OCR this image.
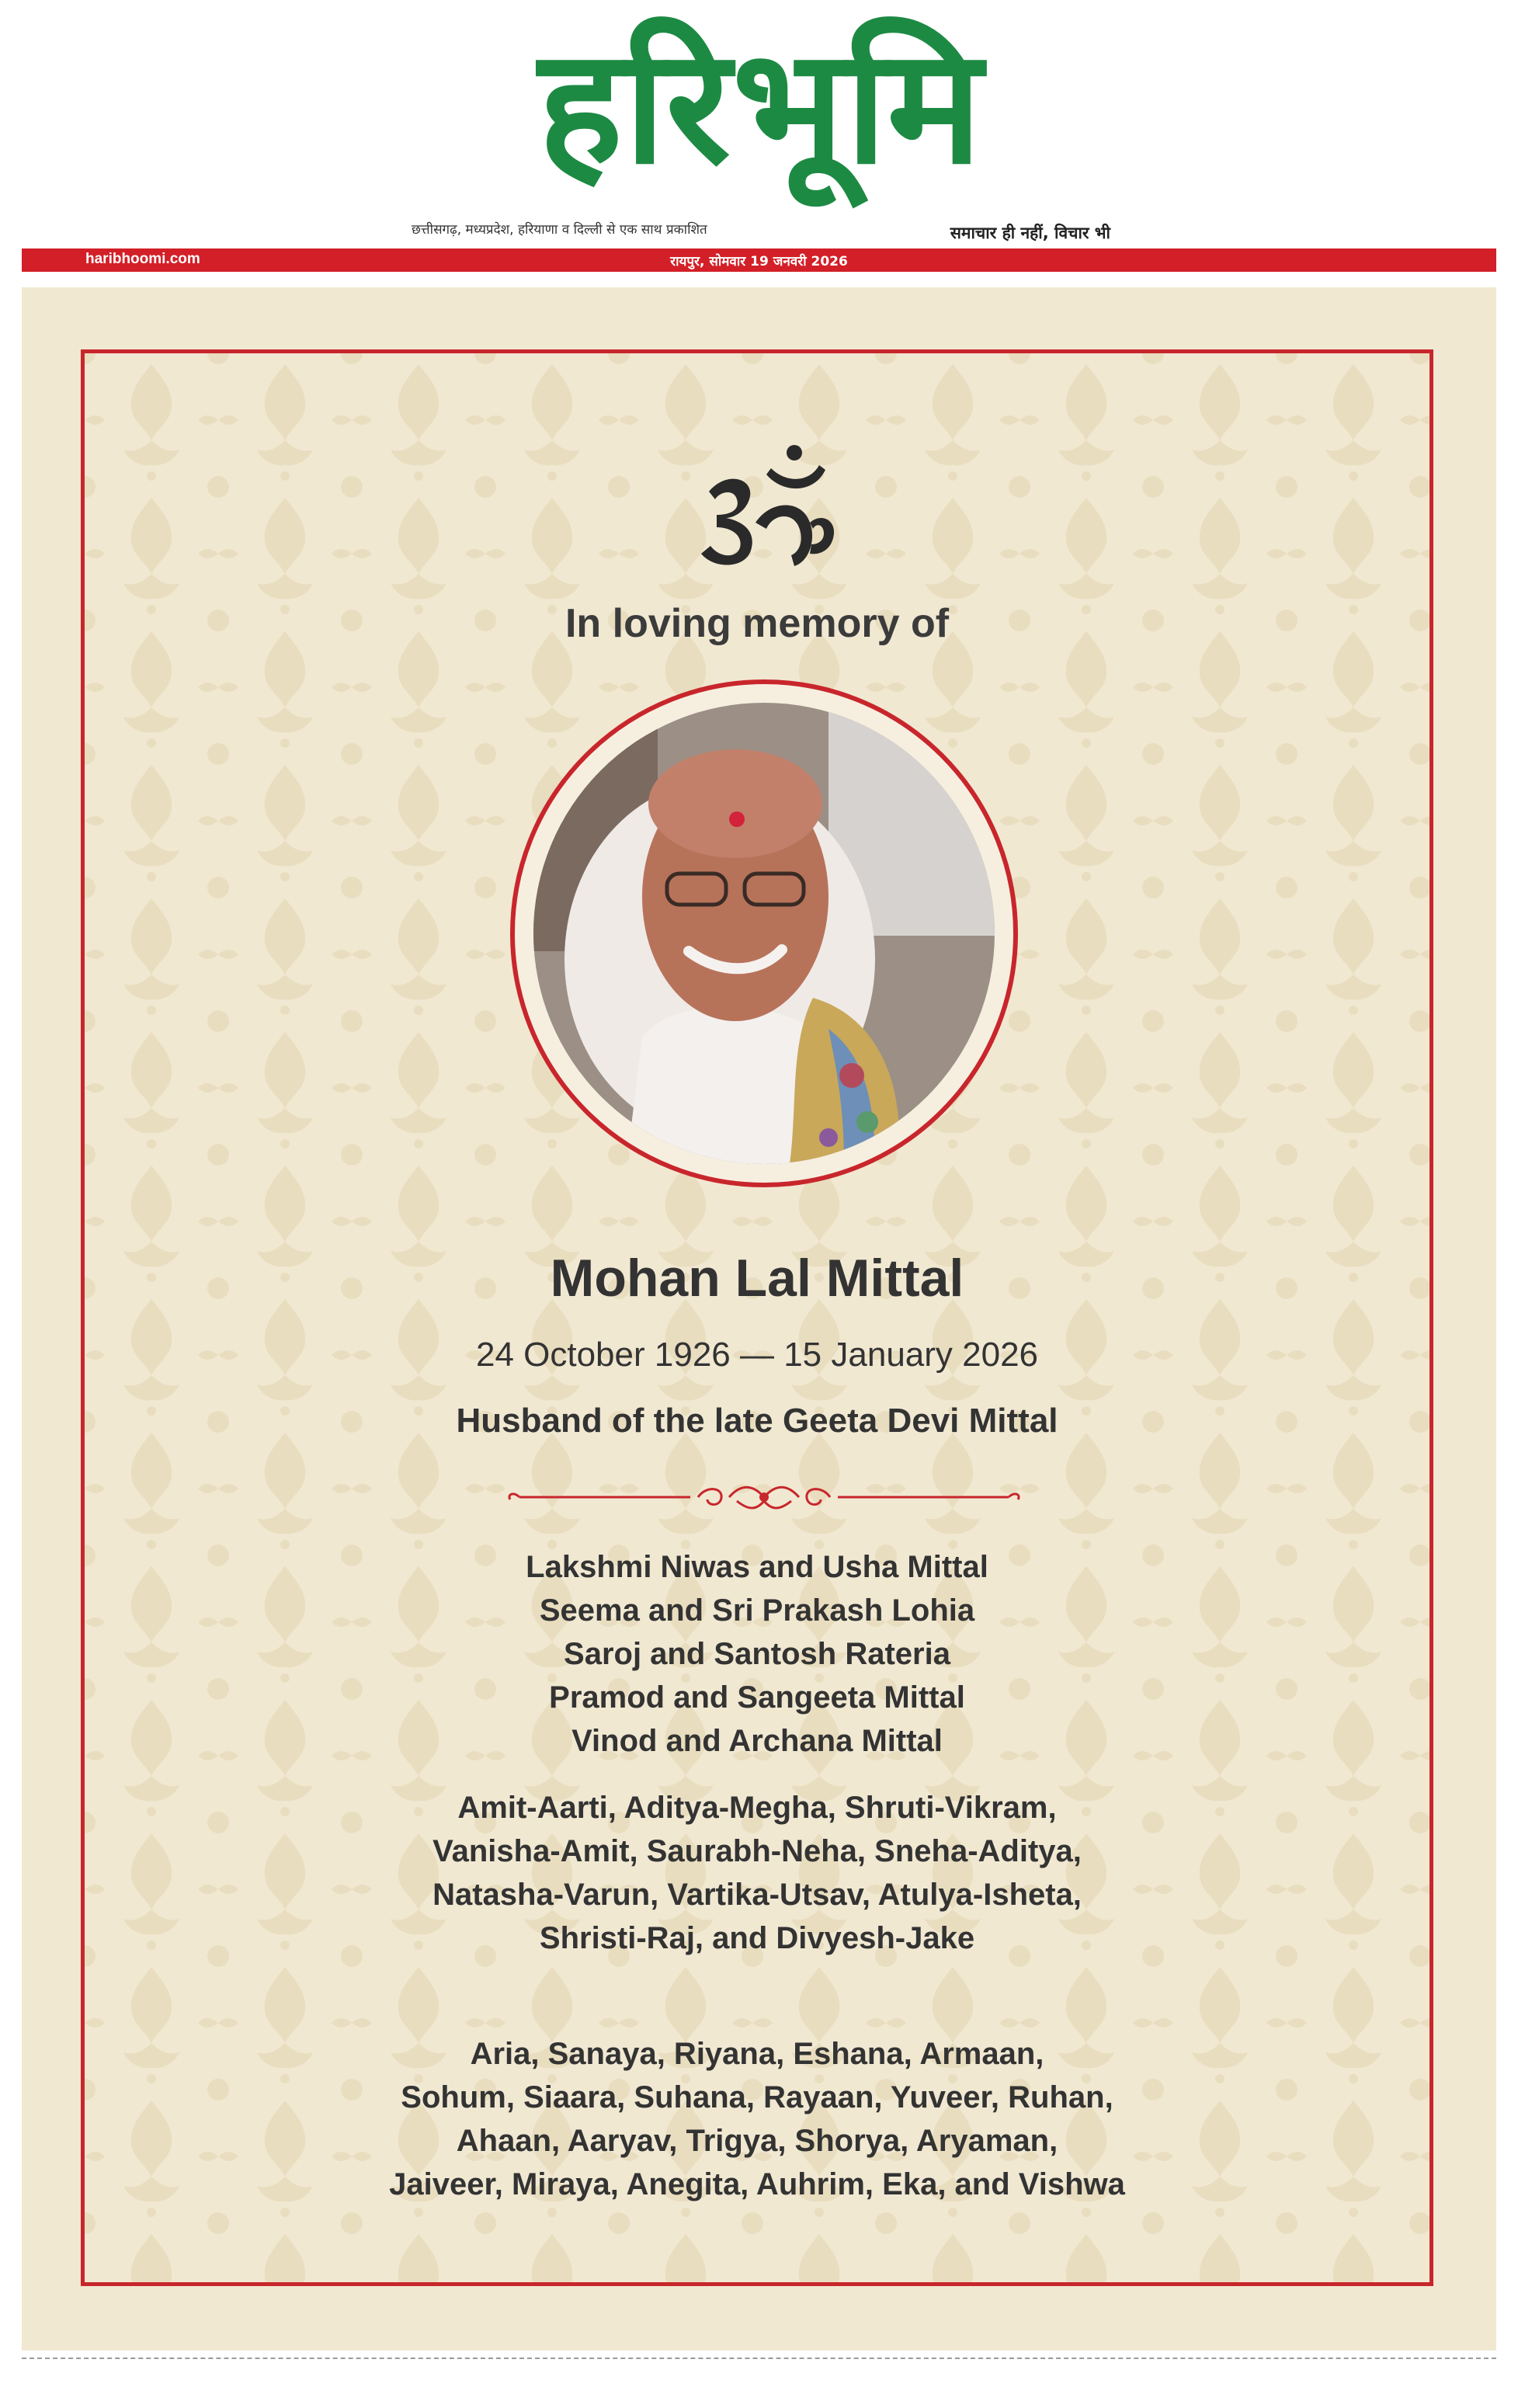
हरिभूमि
छत्तीसगढ़, मध्यप्रदेश, हरियाणा व दिल्ली से एक साथ प्रकाशित	समाचार ही नहीं, विचार भी
haribhoomi.com	रायपुर, सोमवार 19 जनवरी 2026

In loving memory of

Mohan Lal Mittal

24 October 1926 — 15 January 2026

Husband of the late Geeta Devi Mittal

Lakshmi Niwas and Usha Mittal
Seema and Sri Prakash Lohia
Saroj and Santosh Rateria
Pramod and Sangeeta Mittal
Vinod and Archana Mittal
Amit-Aarti, Aditya-Megha, Shruti-Vikram,
Vanisha-Amit, Saurabh-Neha, Sneha-Aditya,
Natasha-Varun, Vartika-Utsav, Atulya-Isheta,
Shristi-Raj, and Divyesh-Jake
Aria, Sanaya, Riyana, Eshana, Armaan,
Sohum, Siaara, Suhana, Rayaan, Yuveer, Ruhan,
Ahaan, Aaryav, Trigya, Shorya, Aryaman,
Jaiveer, Miraya, Anegita, Auhrim, Eka, and Vishwa
